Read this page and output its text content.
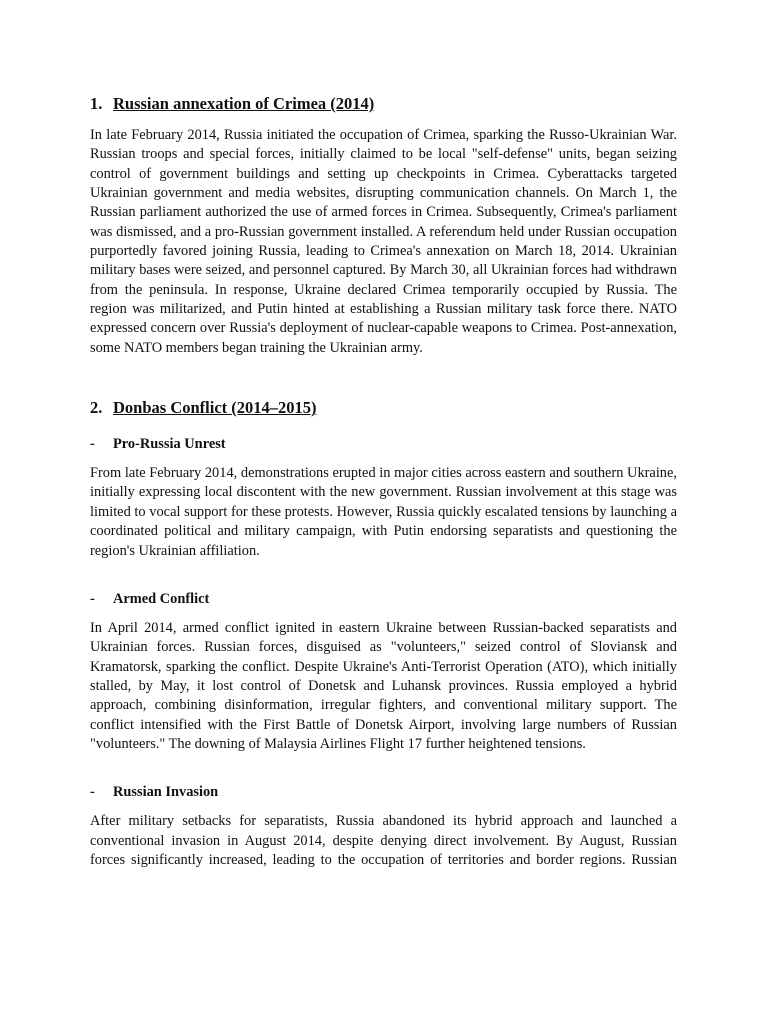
1. Russian annexation of Crimea (2014)

In late February 2014, Russia initiated the occupation of Crimea, sparking the Russo-Ukrainian War. Russian troops and special forces, initially claimed to be local "self-defense" units, began seizing control of government buildings and setting up checkpoints in Crimea. Cyberattacks targeted Ukrainian government and media websites, disrupting communication channels. On March 1, the Russian parliament authorized the use of armed forces in Crimea. Subsequently, Crimea's parliament was dismissed, and a pro-Russian government installed. A referendum held under Russian occupation purportedly favored joining Russia, leading to Crimea's annexation on March 18, 2014. Ukrainian military bases were seized, and personnel captured. By March 30, all Ukrainian forces had withdrawn from the peninsula. In response, Ukraine declared Crimea temporarily occupied by Russia. The region was militarized, and Putin hinted at establishing a Russian military task force there. NATO expressed concern over Russia's deployment of nuclear-capable weapons to Crimea. Post-annexation, some NATO members began training the Ukrainian army.

2. Donbas Conflict (2014–2015)
-	Pro-Russia Unrest

From late February 2014, demonstrations erupted in major cities across eastern and southern Ukraine, initially expressing local discontent with the new government. Russian involvement at this stage was limited to vocal support for these protests. However, Russia quickly escalated tensions by launching a coordinated political and military campaign, with Putin endorsing separatists and questioning the region's Ukrainian affiliation.

-	Armed Conflict

In April 2014, armed conflict ignited in eastern Ukraine between Russian-backed separatists and Ukrainian forces. Russian forces, disguised as "volunteers," seized control of Sloviansk and Kramatorsk, sparking the conflict. Despite Ukraine's Anti-Terrorist Operation (ATO), which initially stalled, by May, it lost control of Donetsk and Luhansk provinces. Russia employed a hybrid approach, combining disinformation, irregular fighters, and conventional military support. The conflict intensified with the First Battle of Donetsk Airport, involving large numbers of Russian "volunteers." The downing of Malaysia Airlines Flight 17 further heightened tensions.

-	Russian Invasion

After military setbacks for separatists, Russia abandoned its hybrid approach and launched a conventional invasion in August 2014, despite denying direct involvement. By August, Russian forces significantly increased, leading to the occupation of territories and border regions. Russian
